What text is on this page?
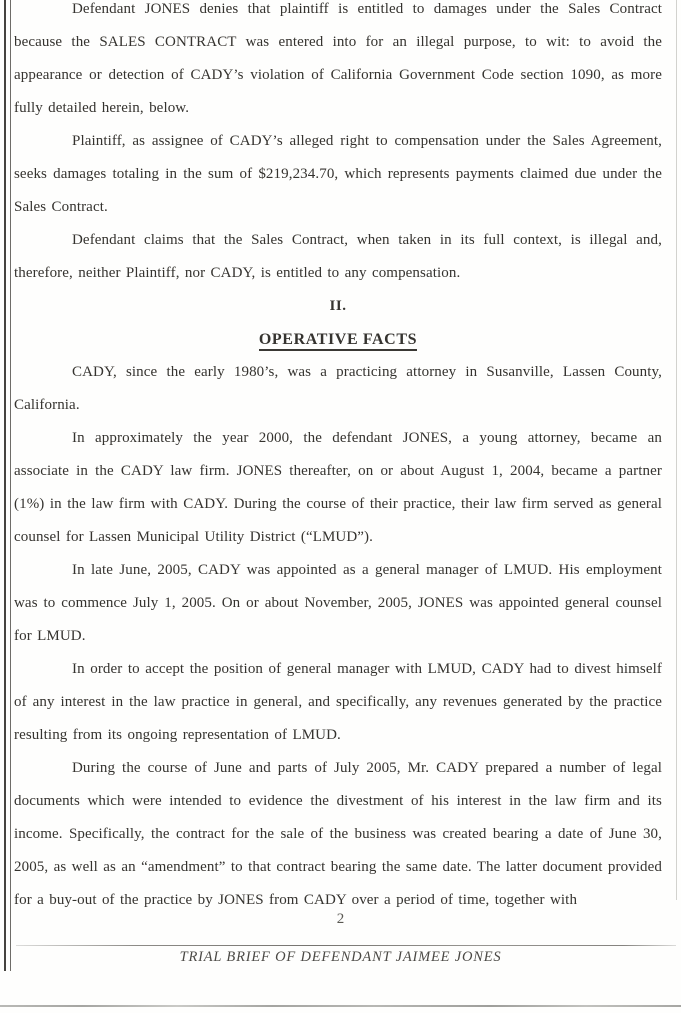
Defendant JONES denies that plaintiff is entitled to damages under the Sales Contract because the SALES CONTRACT was entered into for an illegal purpose, to wit: to avoid the appearance or detection of CADY’s violation of California Government Code section 1090, as more fully detailed herein, below.

Plaintiff, as assignee of CADY’s alleged right to compensation under the Sales Agreement, seeks damages totaling in the sum of $219,234.70, which represents payments claimed due under the Sales Contract.

Defendant claims that the Sales Contract, when taken in its full context, is illegal and, therefore, neither Plaintiff, nor CADY, is entitled to any compensation.

II.
OPERATIVE FACTS

CADY, since the early 1980’s, was a practicing attorney in Susanville, Lassen County, California.

In approximately the year 2000, the defendant JONES, a young attorney, became an associate in the CADY law firm. JONES thereafter, on or about August 1, 2004, became a partner (1%) in the law firm with CADY. During the course of their practice, their law firm served as general counsel for Lassen Municipal Utility District (“LMUD”).

In late June, 2005, CADY was appointed as a general manager of LMUD. His employment was to commence July 1, 2005. On or about November, 2005, JONES was appointed general counsel for LMUD.

In order to accept the position of general manager with LMUD, CADY had to divest himself of any interest in the law practice in general, and specifically, any revenues generated by the practice resulting from its ongoing representation of LMUD.

During the course of June and parts of July 2005, Mr. CADY prepared a number of legal documents which were intended to evidence the divestment of his interest in the law firm and its income. Specifically, the contract for the sale of the business was created bearing a date of June 30, 2005, as well as an “amendment” to that contract bearing the same date. The latter document provided for a buy-out of the practice by JONES from CADY over a period of time, together with

2
TRIAL BRIEF OF DEFENDANT JAIMEE JONES
